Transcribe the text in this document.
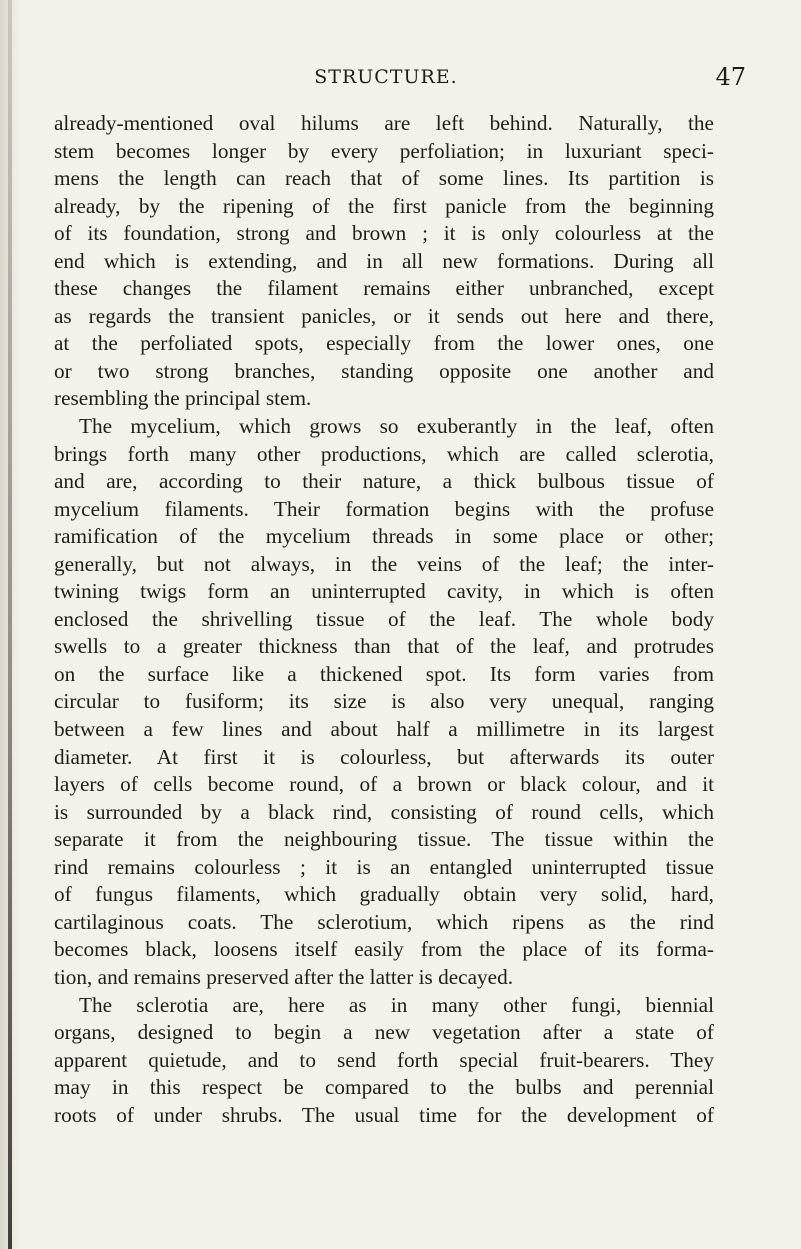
STRUCTURE.	47
already-mentioned oval hilums are left behind. Naturally, the
stem becomes longer by every perfoliation; in luxuriant speci-
mens the length can reach that of some lines. Its partition is
already, by the ripening of the first panicle from the beginning
of its foundation, strong and brown ; it is only colourless at the
end which is extending, and in all new formations. During all
these changes the filament remains either unbranched, except
as regards the transient panicles, or it sends out here and there,
at the perfoliated spots, especially from the lower ones, one
or two strong branches, standing opposite one another and
resembling the principal stem.
The mycelium, which grows so exuberantly in the leaf, often
brings forth many other productions, which are called sclerotia,
and are, according to their nature, a thick bulbous tissue of
mycelium filaments. Their formation begins with the profuse
ramification of the mycelium threads in some place or other;
generally, but not always, in the veins of the leaf; the inter-
twining twigs form an uninterrupted cavity, in which is often
enclosed the shrivelling tissue of the leaf. The whole body
swells to a greater thickness than that of the leaf, and protrudes
on the surface like a thickened spot. Its form varies from
circular to fusiform; its size is also very unequal, ranging
between a few lines and about half a millimetre in its largest
diameter. At first it is colourless, but afterwards its outer
layers of cells become round, of a brown or black colour, and it
is surrounded by a black rind, consisting of round cells, which
separate it from the neighbouring tissue. The tissue within the
rind remains colourless ; it is an entangled uninterrupted tissue
of fungus filaments, which gradually obtain very solid, hard,
cartilaginous coats. The sclerotium, which ripens as the rind
becomes black, loosens itself easily from the place of its forma-
tion, and remains preserved after the latter is decayed.
The sclerotia are, here as in many other fungi, biennial
organs, designed to begin a new vegetation after a state of
apparent quietude, and to send forth special fruit-bearers. They
may in this respect be compared to the bulbs and perennial
roots of under shrubs. The usual time for the development of
